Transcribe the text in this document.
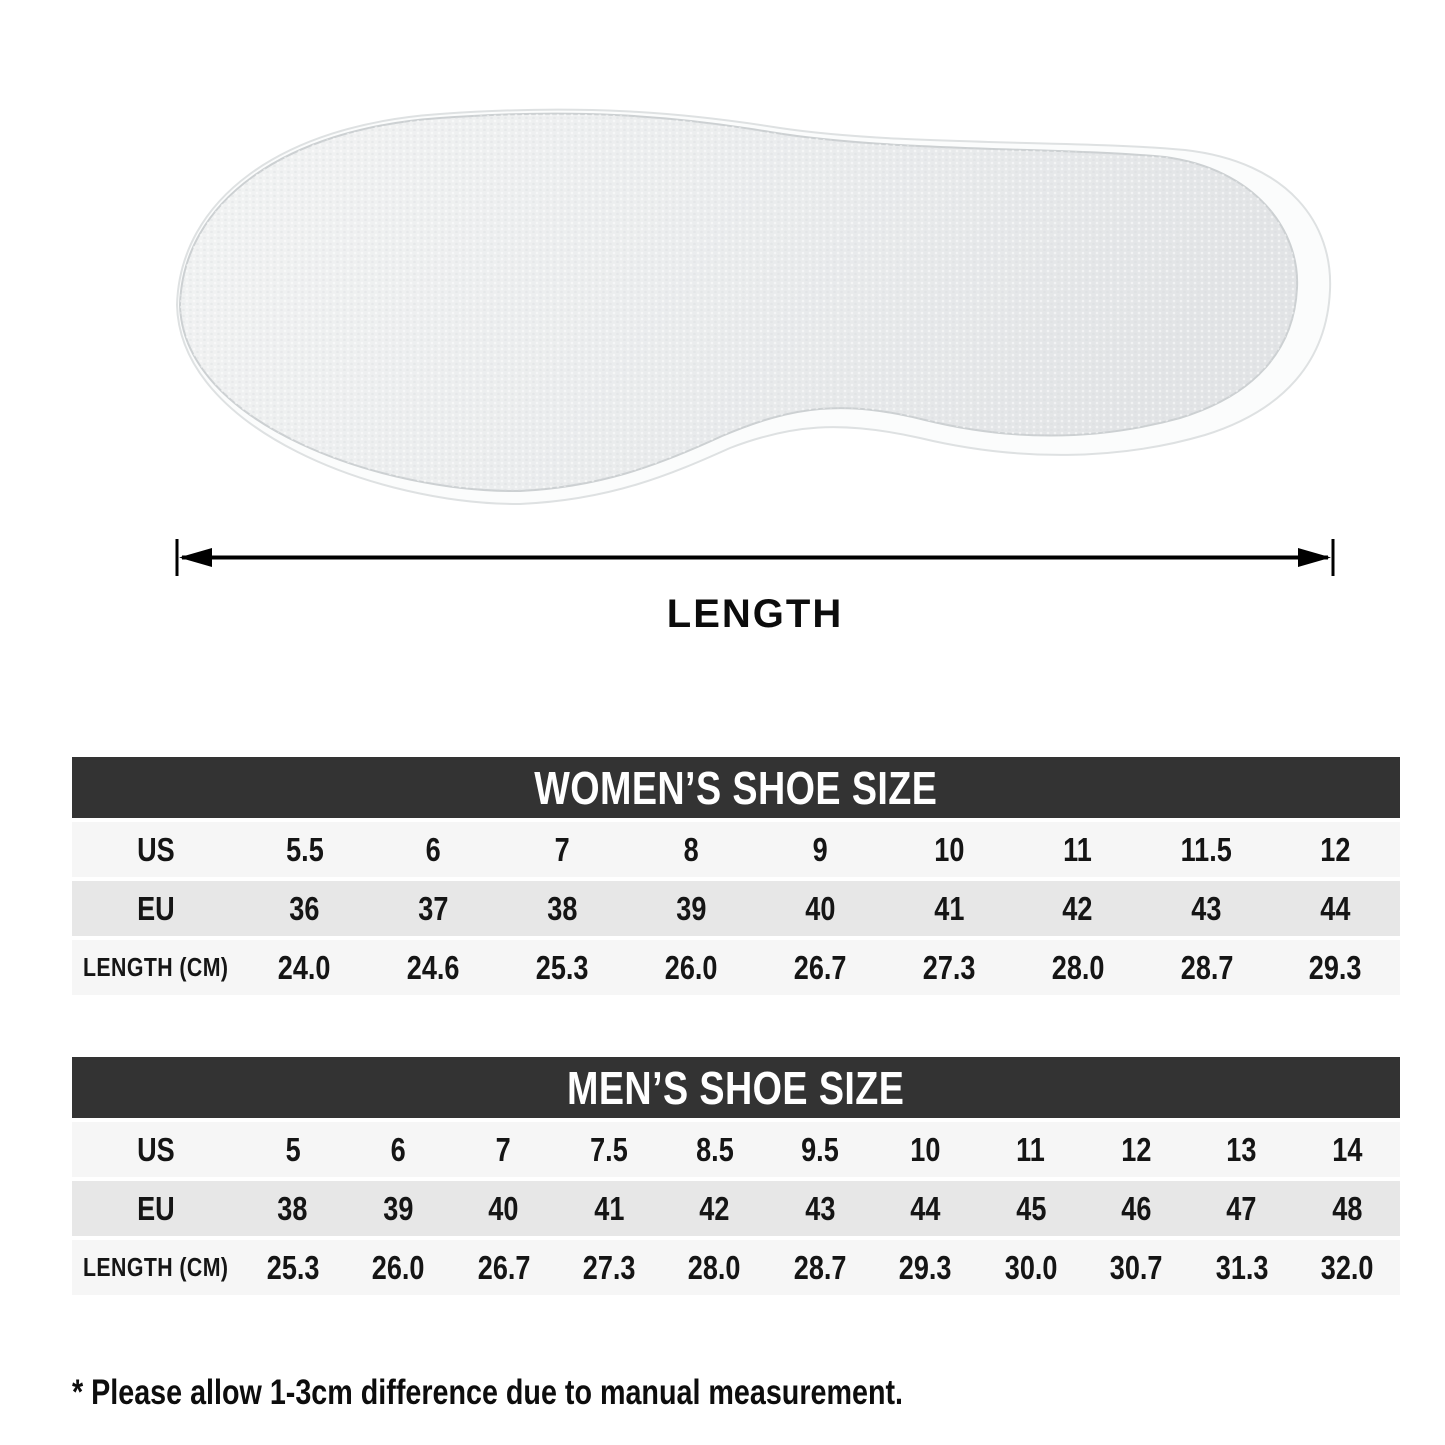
LENGTH
WOMEN’S SHOE SIZE
US	5.5	6	7	8	9	10	11	11.5	12
EU	36	37	38	39	40	41	42	43	44
LENGTH (CM) 24.0 24.6 25.3 26.0 26.7 27.3 28.0 28.7 29.3
MEN’S SHOE SIZE
US	5	6	7 7.5 8.5 9.5 10 11 12 13 14
EU	38 39 40 41 42 43 44 45 46 47 48
LENGTH (CM) 25.3 26.0 26.7 27.3 28.0 28.7 29.3 30.0 30.7 31.3 32.0

* Please allow 1-3cm difference due to manual measurement.
